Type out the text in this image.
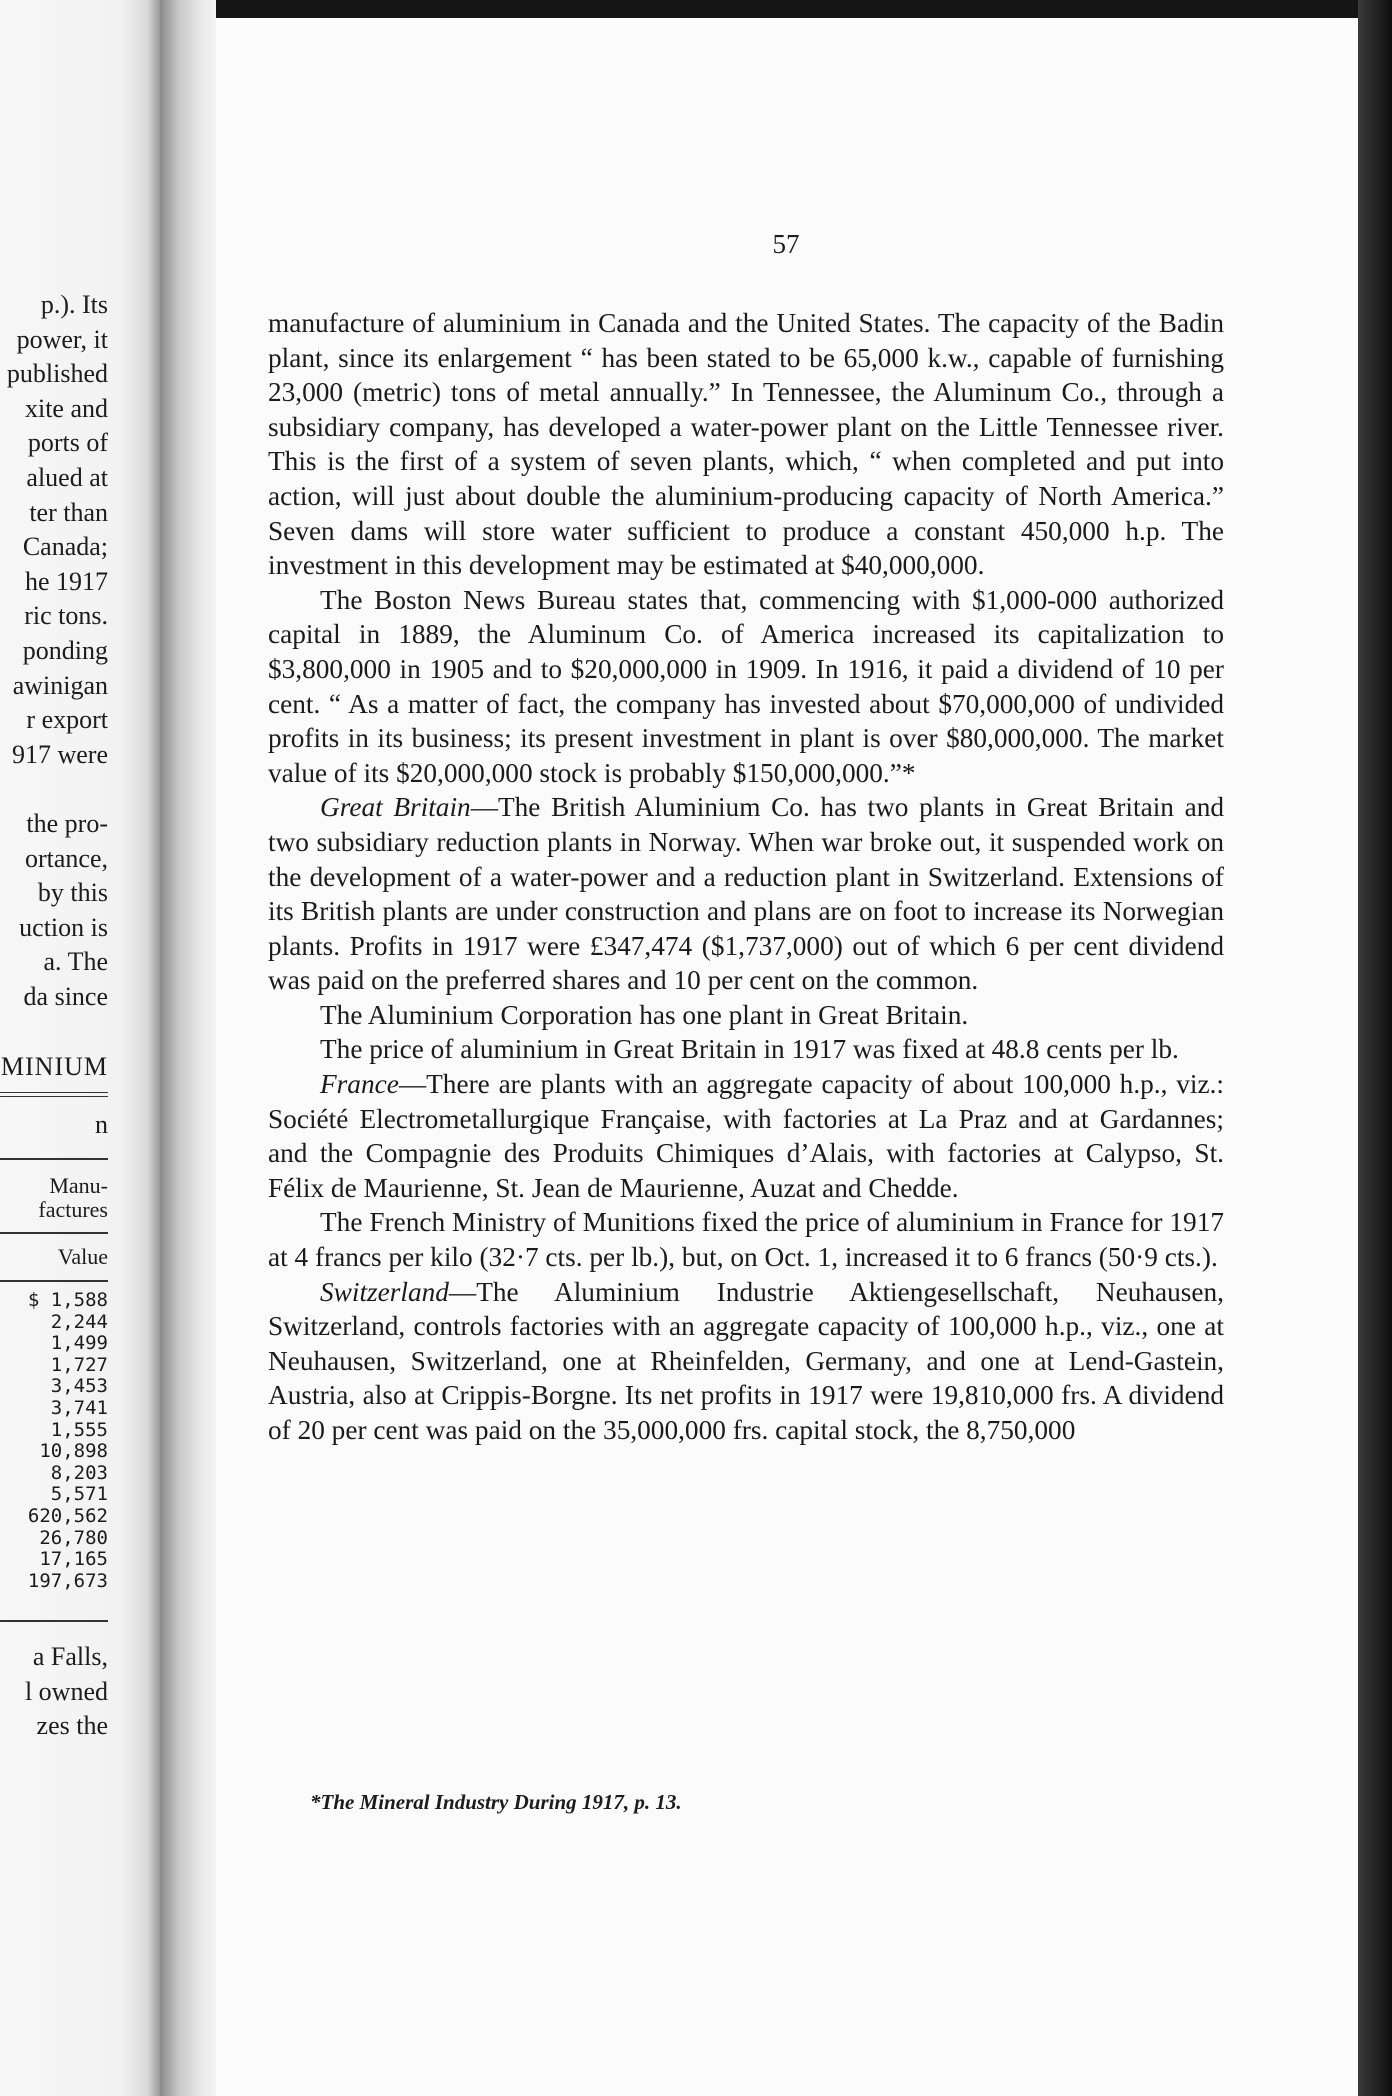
p.). Its

power, it

published

xite and

ports of

alued at

ter than

Canada;

he 1917

ric tons.

ponding

awinigan

r export

917 were

the pro-

ortance,

by this

uction is

a. The

da since

MINIUM

n

Manu-

factures

Value

$ 1,588
2,244
1,499
1,727
3,453
3,741
1,555
10,898
8,203
5,571
620,562
26,780
17,165
197,673

a Falls,

l owned

zes the

57

manufacture of aluminium in Canada and the United States. The capacity of the Badin plant, since its enlargement “ has been stated to be 65,000 k.w., capable of furnishing 23,000 (metric) tons of metal annually.” In Tennessee, the Aluminum Co., through a subsidiary company, has developed a water-power plant on the Little Tennessee river. This is the first of a system of seven plants, which, “ when completed and put into action, will just about double the aluminium-producing capacity of North America.” Seven dams will store water sufficient to produce a constant 450,000 h.p. The investment in this development may be estimated at $40,000,000.

The Boston News Bureau states that, commencing with $1,000-000 authorized capital in 1889, the Aluminum Co. of America increased its capitalization to $3,800,000 in 1905 and to $20,000,000 in 1909. In 1916, it paid a dividend of 10 per cent. “ As a matter of fact, the company has invested about $70,000,000 of undivided profits in its business; its present investment in plant is over $80,000,000. The market value of its $20,000,000 stock is probably $150,000,000.”*

Great Britain—The British Aluminium Co. has two plants in Great Britain and two subsidiary reduction plants in Norway. When war broke out, it suspended work on the development of a water-power and a reduction plant in Switzerland. Extensions of its British plants are under construction and plans are on foot to increase its Norwegian plants. Profits in 1917 were £347,474 ($1,737,000) out of which 6 per cent dividend was paid on the preferred shares and 10 per cent on the common.

The Aluminium Corporation has one plant in Great Britain.

The price of aluminium in Great Britain in 1917 was fixed at 48.8 cents per lb.

France—There are plants with an aggregate capacity of about 100,000 h.p., viz.: Société Electrometallurgique Française, with factories at La Praz and at Gardannes; and the Compagnie des Produits Chimiques d’Alais, with factories at Calypso, St. Félix de Maurienne, St. Jean de Maurienne, Auzat and Chedde.

The French Ministry of Munitions fixed the price of aluminium in France for 1917 at 4 francs per kilo (32·7 cts. per lb.), but, on Oct. 1, increased it to 6 francs (50·9 cts.).

Switzerland—The Aluminium Industrie Aktiengesellschaft, Neuhausen, Switzerland, controls factories with an aggregate capacity of 100,000 h.p., viz., one at Neuhausen, Switzerland, one at Rheinfelden, Germany, and one at Lend-Gastein, Austria, also at Crippis-Borgne. Its net profits in 1917 were 19,810,000 frs. A dividend of 20 per cent was paid on the 35,000,000 frs. capital stock, the 8,750,000

*The Mineral Industry During 1917, p. 13.
